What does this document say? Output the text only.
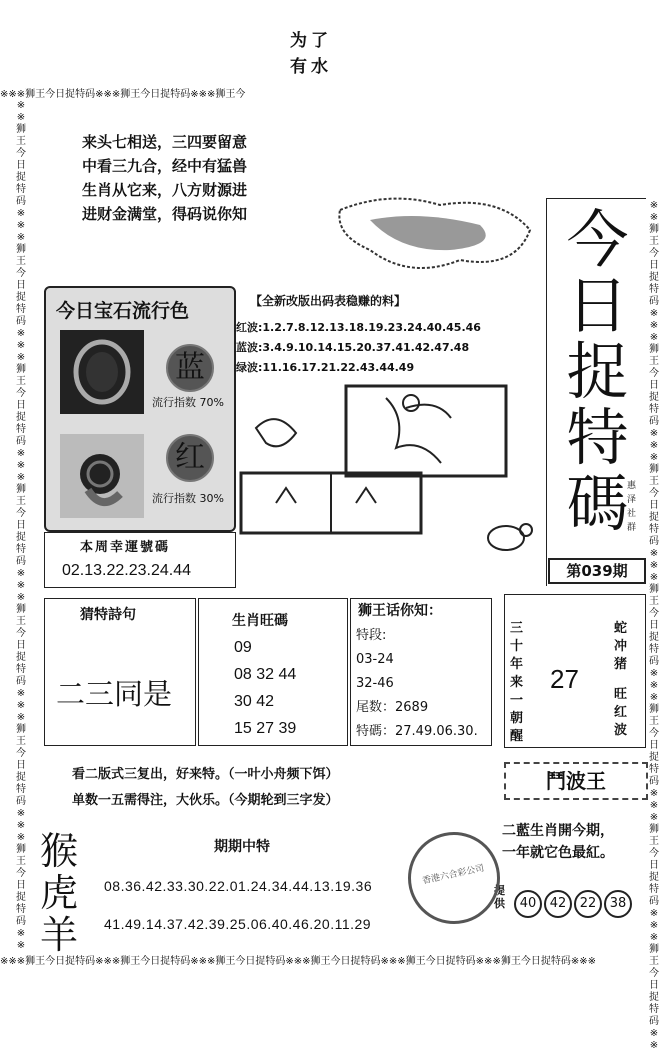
为了
有水
※※※狮王今日捉特码※※※狮王今日捉特码※※※狮王今
※※※狮王今日捉特码※※※狮王今日捉特码※※※狮王今日捉特码※※※狮王今日捉特码※※※狮王今日捉特码※※※狮王今日捉特码※※※
※※狮王今日捉特码※※※狮王今日捉特码※※※狮王今日捉特码※※※狮王今日捉特码※※※狮王今日捉特码※※※狮王今日捉特码※※※狮王今日捉特码※※
※※狮王今日捉特码※※※狮王今日捉特码※※※狮王今日捉特码※※※狮王今日捉特码※※※狮王今日捉特码※※※狮王今日捉特码※※※狮王今日捉特码※※
来头七相送，三四要留意
中看三九合，经中有猛兽
生肖从它来，八方财源进
进财金满堂，得码说你知	今
日
捉
特
碼
惠泽社群
第039期
今日宝石流行色
蓝
流行指数 70%
红
流行指数 30%
本周幸運號碼
02.13.22.23.24.44
【全新改版出码表稳赚的料】
红波:1.2.7.8.12.13.18.19.23.24.40.45.46
蓝波:3.4.9.10.14.15.20.37.41.42.47.48
绿波:11.16.17.21.22.43.44.49
猜特詩句
二三同是
生肖旺碼
09
08 32 44
30 42
15 27 39
狮王话你知：
特段:
03-24
32-46
尾数：2689
特碼：27.49.06.30.
三十年来一朝醒
27
蛇冲猪
旺红波
看二版式三复出，好来特。（一叶小舟频下饵）
单数一五需得注，大伙乐。（今期轮到三字发）
鬥波王
二藍生肖開今期，
一年就它色最紅。
提供	40	42	22	38
香港六合彩公司
猴
虎
羊
期期中特
08.36.42.33.30.22.01.24.34.44.13.19.36
41.49.14.37.42.39.25.06.40.46.20.11.29
